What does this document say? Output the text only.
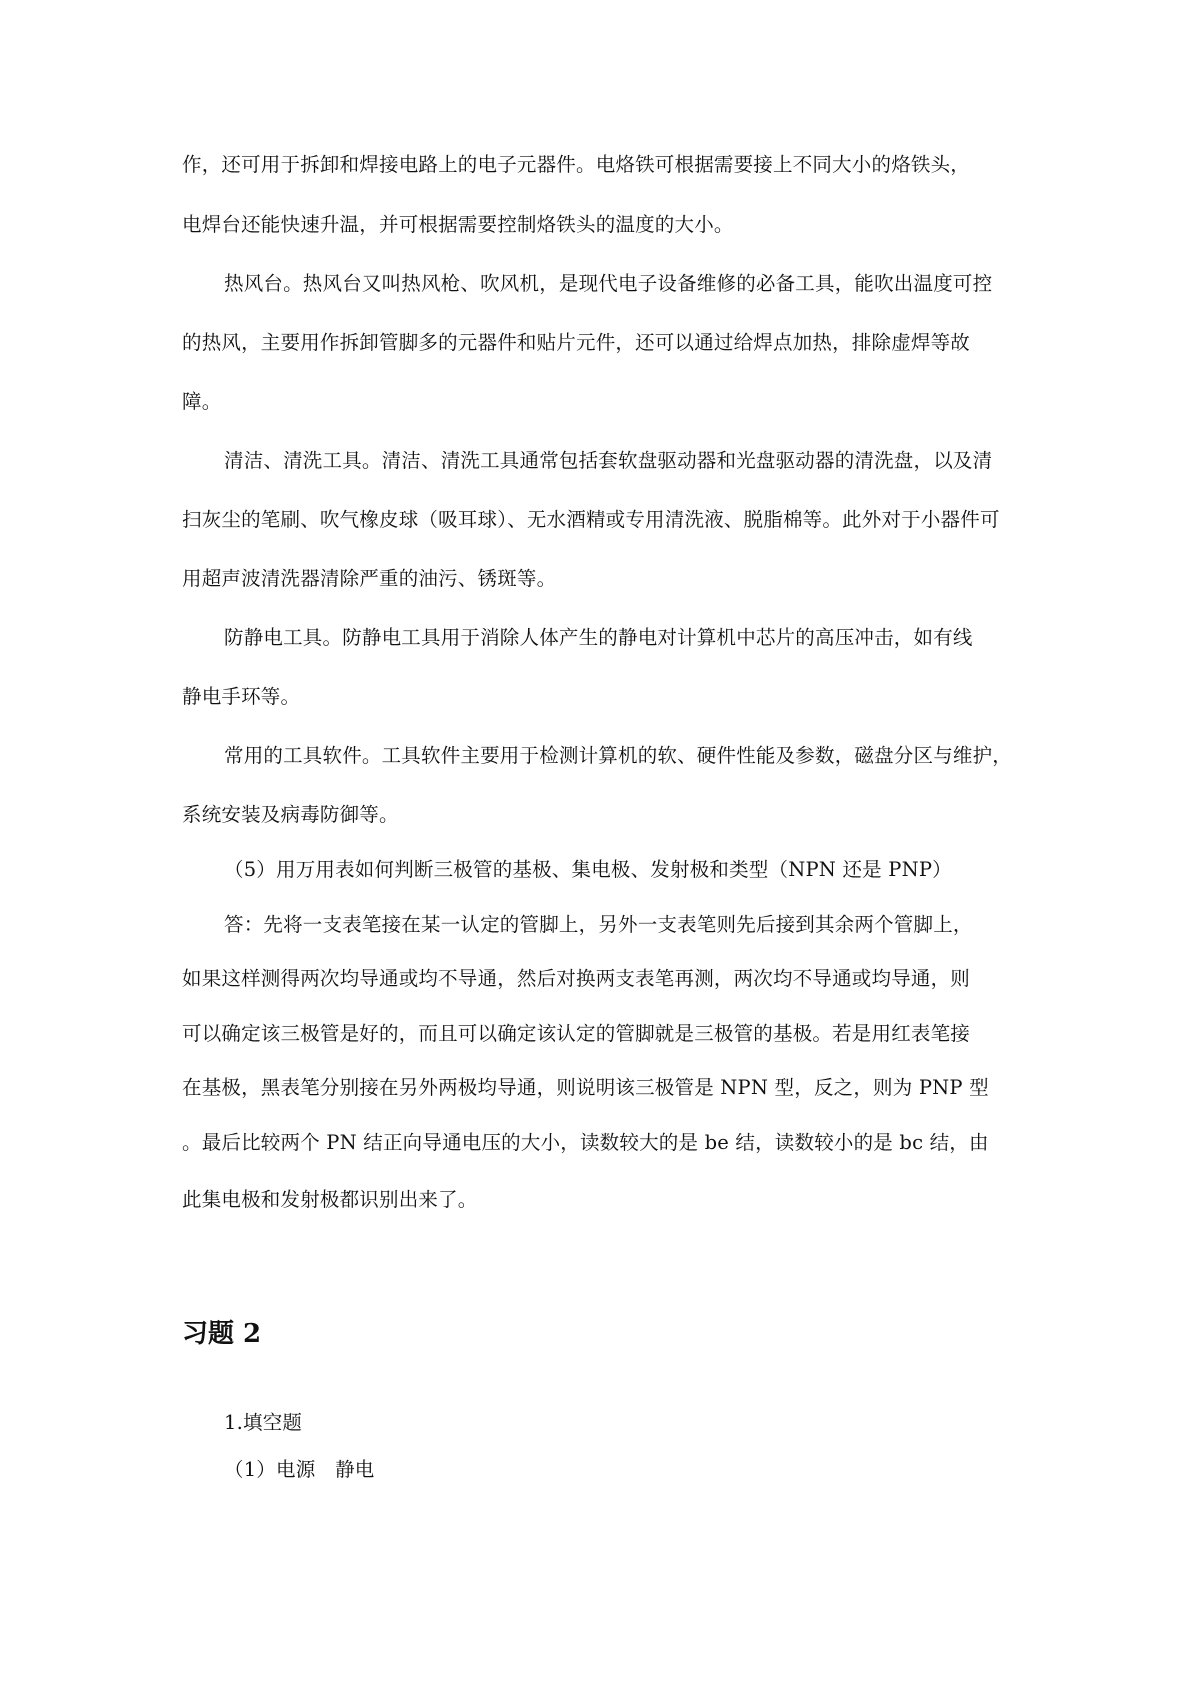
作，还可用于拆卸和焊接电路上的电子元器件。电烙铁可根据需要接上不同大小的烙铁头，
电焊台还能快速升温，并可根据需要控制烙铁头的温度的大小。
热风台。热风台又叫热风枪、吹风机，是现代电子设备维修的必备工具，能吹出温度可控
的热风，主要用作拆卸管脚多的元器件和贴片元件，还可以通过给焊点加热，排除虚焊等故
障。
清洁、清洗工具。清洁、清洗工具通常包括套软盘驱动器和光盘驱动器的清洗盘，以及清
扫灰尘的笔刷、吹气橡皮球（吸耳球）、无水酒精或专用清洗液、脱脂棉等。此外对于小器件可
用超声波清洗器清除严重的油污、锈斑等。
防静电工具。防静电工具用于消除人体产生的静电对计算机中芯片的高压冲击，如有线
静电手环等。
常用的工具软件。工具软件主要用于检测计算机的软、硬件性能及参数，磁盘分区与维护，
系统安装及病毒防御等。
（5）用万用表如何判断三极管的基极、集电极、发射极和类型（NPN 还是 PNP）
答：先将一支表笔接在某一认定的管脚上，另外一支表笔则先后接到其余两个管脚上，
如果这样测得两次均导通或均不导通，然后对换两支表笔再测，两次均不导通或均导通，则
可以确定该三极管是好的，而且可以确定该认定的管脚就是三极管的基极。若是用红表笔接
在基极，黑表笔分别接在另外两极均导通，则说明该三极管是 NPN 型，反之，则为 PNP 型
。最后比较两个 PN 结正向导通电压的大小，读数较大的是 be 结，读数较小的是 bc 结，由
此集电极和发射极都识别出来了。
习题 2
1.填空题
（1）电源　静电
